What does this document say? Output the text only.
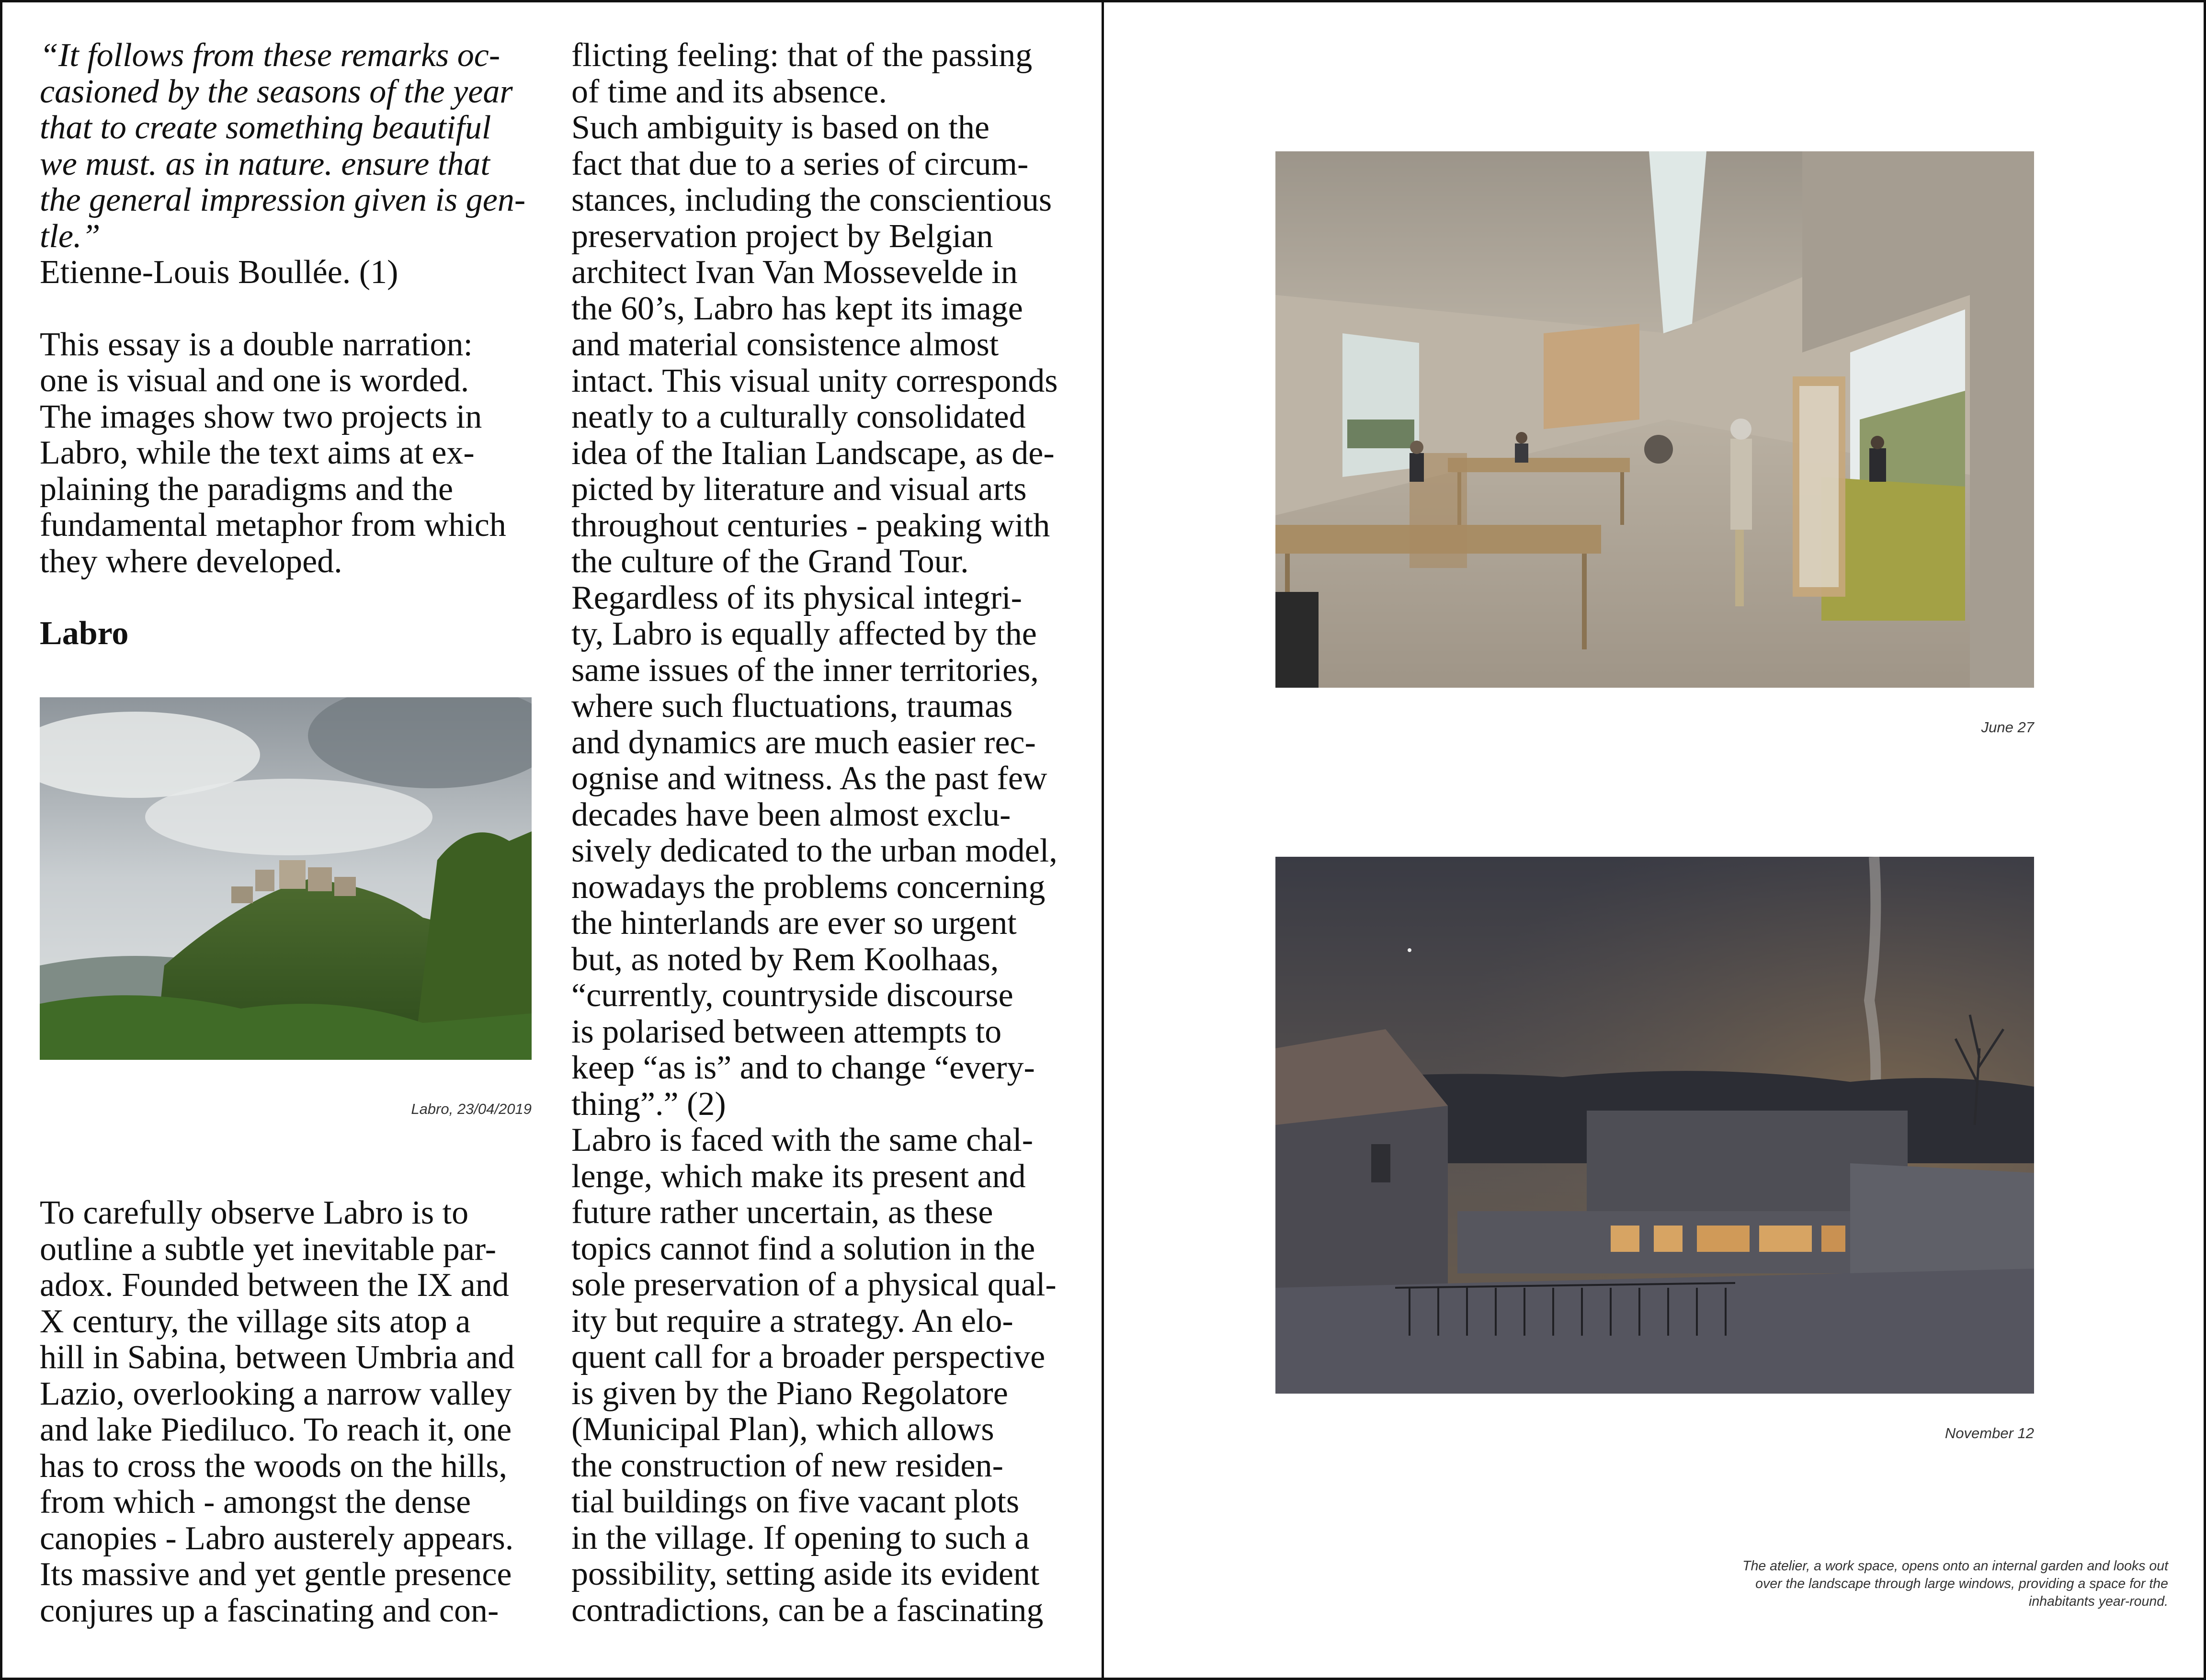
“It follows from these remarks oc-
casioned by the seasons of the year
that to create something beautiful
we must. as in nature. ensure that
the general impression given is gen-
tle.”
Etienne-Louis Boullée. (1)
This essay is a double narration:
one is visual and one is worded.
The images show two projects in
Labro, while the text aims at ex-
plaining the paradigms and the
fundamental metaphor from which
they where developed.
Labro
Labro, 23/04/2019
To carefully observe Labro is to
outline a subtle yet inevitable par-
adox. Founded between the IX and
X century, the village sits atop a
hill in Sabina, between Umbria and
Lazio, overlooking a narrow valley
and lake Piediluco. To reach it, one
has to cross the woods on the hills,
from which - amongst the dense
canopies - Labro austerely appears.
Its massive and yet gentle presence
conjures up a fascinating and con-
flicting feeling: that of the passing
of time and its absence.
Such ambiguity is based on the
fact that due to a series of circum-
stances, including the conscientious
preservation project by Belgian
architect Ivan Van Mossevelde in
the 60’s, Labro has kept its image
and material consistence almost
intact. This visual unity corresponds
neatly to a culturally consolidated
idea of the Italian Landscape, as de-
picted by literature and visual arts
throughout centuries - peaking with
the culture of the Grand Tour.
Regardless of its physical integri-
ty, Labro is equally affected by the
same issues of the inner territories,
where such fluctuations, traumas
and dynamics are much easier rec-
ognise and witness. As the past few
decades have been almost exclu-
sively dedicated to the urban model,
nowadays the problems concerning
the hinterlands are ever so urgent
but, as noted by Rem Koolhaas,
“currently, countryside discourse
is polarised between attempts to
keep “as is” and to change “every-
thing”.” (2)
Labro is faced with the same chal-
lenge, which make its present and
future rather uncertain, as these
topics cannot find a solution in the
sole preservation of a physical qual-
ity but require a strategy. An elo-
quent call for a broader perspective
is given by the Piano Regolatore
(Municipal Plan), which allows
the construction of new residen-
tial buildings on five vacant plots
in the village. If opening to such a
possibility, setting aside its evident
contradictions, can be a fascinating
June 27
November 12
The atelier, a work space, opens onto an internal garden and looks out
over the landscape through large windows, providing a space for the
inhabitants year-round.
